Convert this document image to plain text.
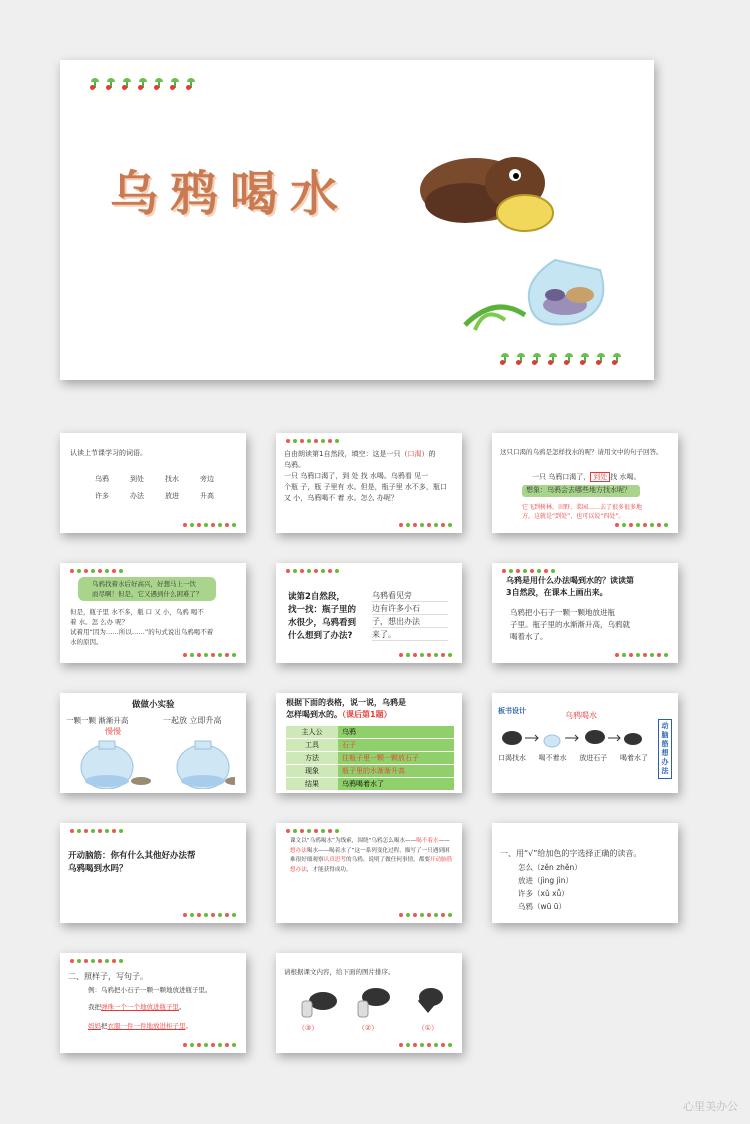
乌鸦喝水
认读上节课学习的词语。
乌鸦	到处	找水	旁边
许多	办法	放进	升高
自由朗读第1自然段，填空：这是一只（口渴）的
乌鸦。
一只 乌鸦口渴了，到 处 找 水喝。乌鸦看 见一
个瓶 子，瓶 子里有 水。但是，瓶子里 水不多，瓶口
又 小，乌鸦喝不 着 水。怎么 办呢？
这只口渴的乌鸦是怎样找水的呢？请用文中的句子回答。
一只 乌鸦口渴了， 到处 找 水喝。
想象：乌鸦会去哪些地方找水呢？
它飞到树林、田野、菜园……去了很多很多地
方，这就是“到处”，也可以说“四处”。
乌鸦找着水后好高兴，好想马上一饮
而尽啊！但是，它又遇到什么困难了？
但是，瓶子里 水不多，瓶 口 又 小，乌鸦 喝不
着 水。怎 么办 呢？
试着用“因为……所以……”的句式说出乌鸦喝不着
水的原因。
读第2自然段，
找一找：瓶子里的
水很少，乌鸦看到
什么想到了办法?
乌鸦看见旁
边有许多小石
子，想出办法
来了。
乌鸦是用什么办法喝到水的？读读第
3自然段，在课本上画出来。
乌鸦把小石子一颗一颗地放进瓶
子里。瓶子里的水渐渐升高，乌鸦就
喝着水了。
做做小实验
一颗一颗 渐渐升高	一起放 立即升高
慢慢
根据下面的表格，说一说，乌鸦是
怎样喝到水的。（课后第1题）
主人公	乌鸦
工具	石子
方法	往瓶子里一颗一颗放石子
现象	瓶子里的水渐渐升高
结果	乌鸦喝着水了
板书设计	乌鸦喝水
口渴找水 喝不着水 放进石子 喝着水了
动脑筋想办法
开动脑筋：你有什么其他好办法帮
乌鸦喝到水吗？
课文以“乌鸦喝水”为线索，围绕“乌鸦怎么喝水——喝不着水——想办法喝水——喝着水了”这一系列变化过程，描写了一只遇到困难很好细观察认真思考的乌鸦。说明了做任何事情，都要开动脑筋想办法，才能获得成功。
一、用“√”给加色的字选择正确的读音。
怎么（zěn zhěn）
放进（jìng jìn）
许多（xǔ xǚ）
乌鸦（wū ū）
二、照样子，写句子。
例：乌鸦把小石子一颗一颗地放进瓶子里。
我把弹珠一个一个地放进瓶子里。
妈妈把衣服一件一件地放进柜子里。
请根据课文内容，给下面的图片排序。
（③）	（②）	（①）
心里美办公
